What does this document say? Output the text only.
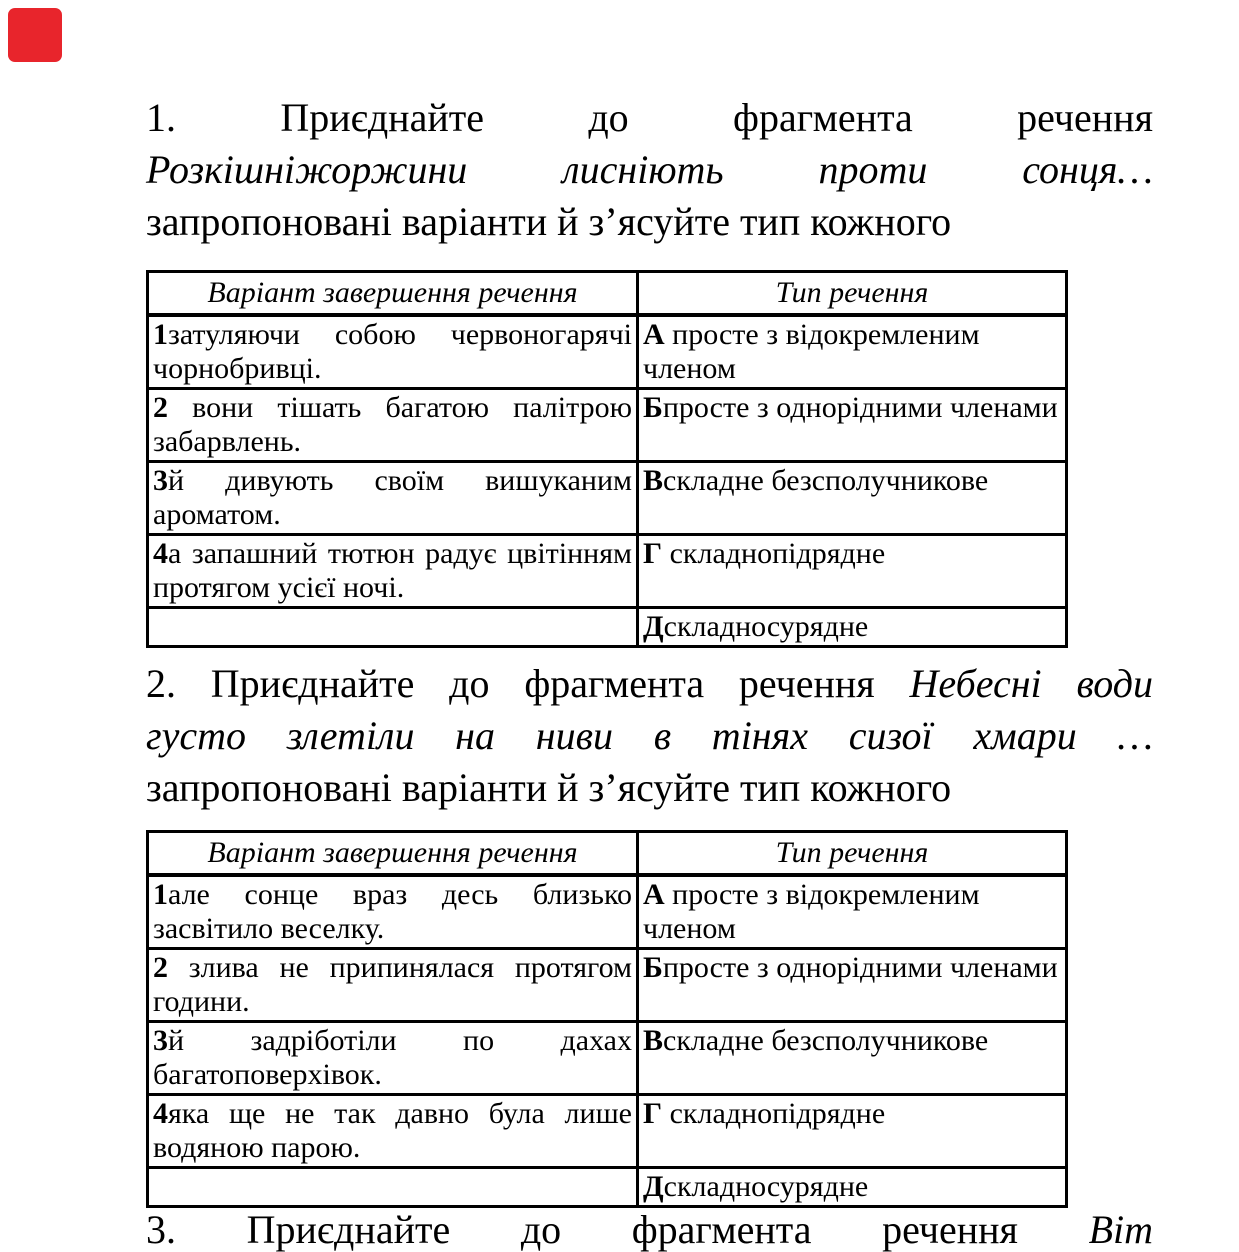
1. Приєднайте до фрагмента речення
Розкішніжоржини лисніють проти сонця…
запропоновані варіанти й з’ясуйте тип кожного
Варіант завершення речення	Тип речення

1затуляючи собою червоногарячі
чорнобривці.	А просте з відокремленим членом

2 вони тішать багатою палітрою
забарвлень.	Бпросте з однорідними членами

3й дивують своїм вишуканим
ароматом.	Вскладне безсполучникове

4а запашний тютюн радує цвітінням
протягом усієї ночі.	Г складнопідрядне
	Дскладносурядне
2. Приєднайте до фрагмента речення Небесні води
густо злетіли на ниви в тінях сизої хмари …
запропоновані варіанти й з’ясуйте тип кожного
Варіант завершення речення	Тип речення

1але сонце враз десь близько
засвітило веселку.	А просте з відокремленим членом

2 злива не припинялася протягом
години.	Бпросте з однорідними членами

3й задріботіли по дахах
багатоповерхівок.	Вскладне безсполучникове

4яка ще не так давно була лише
водяною парою.	Г складнопідрядне
	Дскладносурядне
3. Приєднайте до фрагмента речення Віт
